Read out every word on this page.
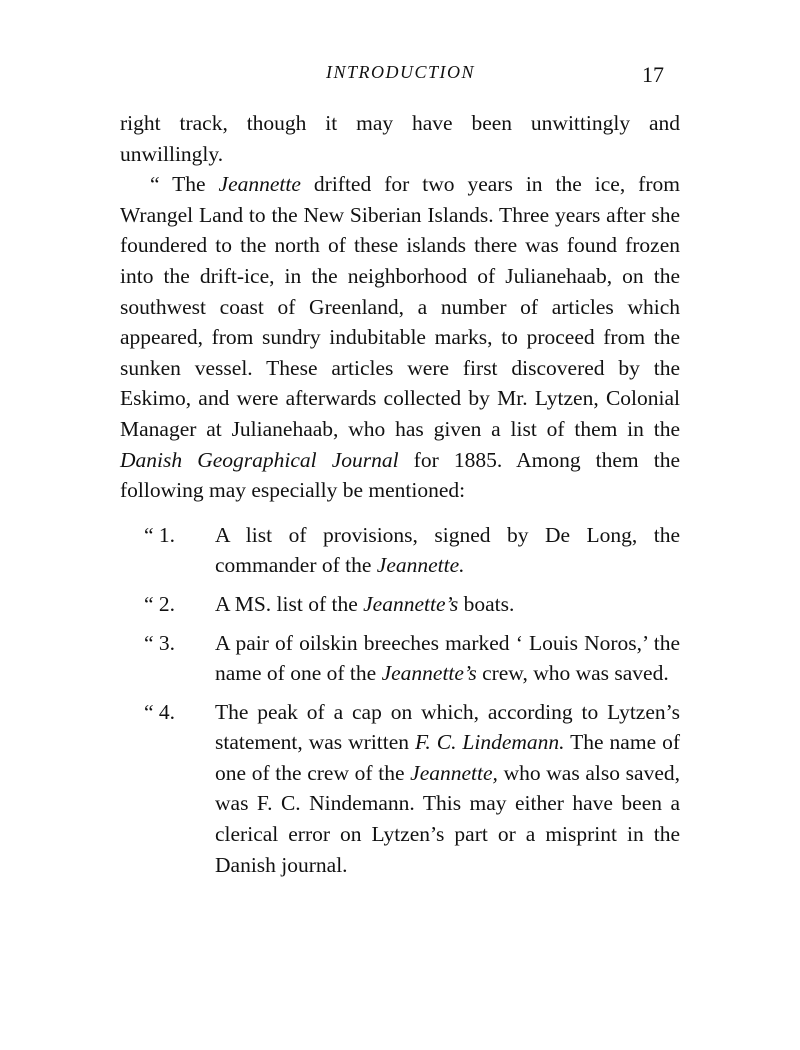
INTRODUCTION	17

right track, though it may have been unwittingly and unwillingly.

“ The Jeannette drifted for two years in the ice, from Wrangel Land to the New Siberian Islands. Three years after she foundered to the north of these islands there was found frozen into the drift-ice, in the neighborhood of Julianehaab, on the southwest coast of Greenland, a number of articles which appeared, from sundry indubitable marks, to proceed from the sunken vessel. These articles were first discovered by the Eskimo, and were afterwards collected by Mr. Lytzen, Colonial Manager at Julianehaab, who has given a list of them in the Danish Geographical Journal for 1885. Among them the following may especially be mentioned:

“ 1. A list of provisions, signed by De Long, the commander of the Jeannette.
“ 2. A MS. list of the Jeannette’s boats.
“ 3. A pair of oilskin breeches marked ‘ Louis Noros,’ the name of one of the Jeannette’s crew, who was saved.
“ 4. The peak of a cap on which, according to Lytzen’s statement, was written F. C. Lindemann. The name of one of the crew of the Jeannette, who was also saved, was F. C. Nindemann. This may either have been a clerical error on Lytzen’s part or a misprint in the Danish journal.
